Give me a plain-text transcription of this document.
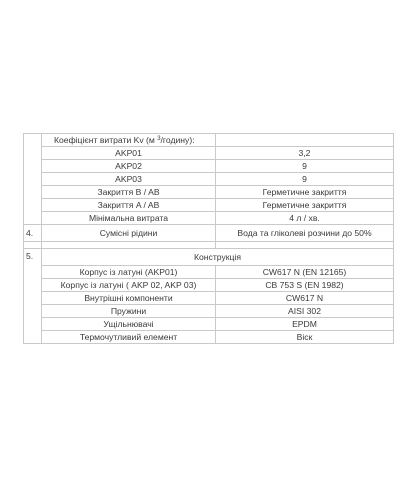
	Коефіцієнт витрати Kv (м $^3$/годину):	
	AKP01	3,2
	AKP02	9
	AKP03	9
	Закриття B / AB	Герметичне закриття
	Закриття A / AB	Герметичне закриття
	Мінімальна витрата	4 л / хв.
4.	Сумісні рідини	Вода та гліколеві розчини до 50%

5.	Конструкція	
	Корпус із латуні (AKP01)	CW617 N (EN 12165)
	Корпус із латуні ( AKP 02, AKP 03)	CB 753 S (EN 1982)
	Внутрішні компоненти	CW617 N
	Пружини	AISI 302
	Ущільнювачі	EPDM
	Термочутливий елемент	Віск
